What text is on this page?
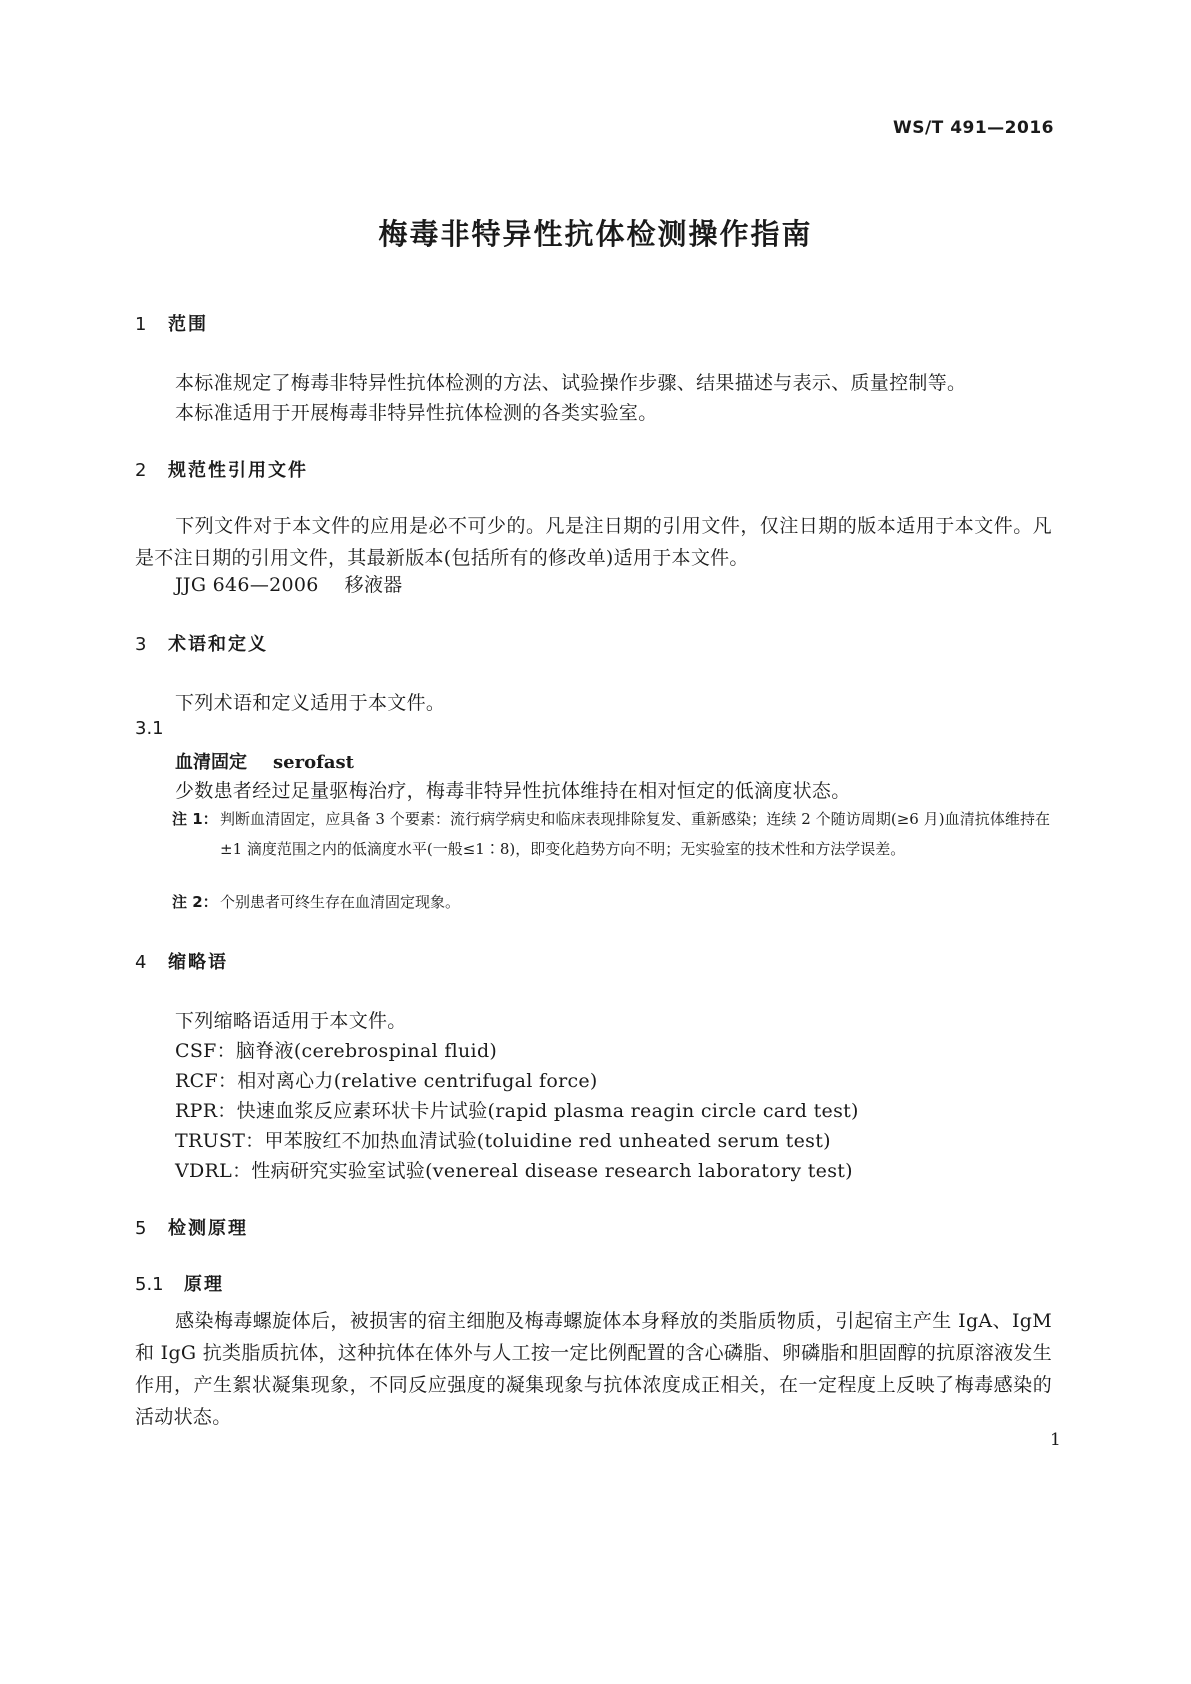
WS/T 491—2016
梅毒非特异性抗体检测操作指南
1 范围
本标准规定了梅毒非特异性抗体检测的方法、试验操作步骤、结果描述与表示、质量控制等。
本标准适用于开展梅毒非特异性抗体检测的各类实验室。
2 规范性引用文件
下列文件对于本文件的应用是必不可少的。凡是注日期的引用文件，仅注日期的版本适用于本文件。凡是不注日期的引用文件，其最新版本(包括所有的修改单)适用于本文件。
JJG 646—2006 移液器
3 术语和定义
下列术语和定义适用于本文件。
3.1
血清固定 serofast
少数患者经过足量驱梅治疗，梅毒非特异性抗体维持在相对恒定的低滴度状态。
注 1： 判断血清固定，应具备 3 个要素：流行病学病史和临床表现排除复发、重新感染；连续 2 个随访周期(≥6 月)血清抗体维持在±1 滴度范围之内的低滴度水平(一般≤1∶8)，即变化趋势方向不明；无实验室的技术性和方法学误差。
注 2： 个别患者可终生存在血清固定现象。
4 缩略语
下列缩略语适用于本文件。
CSF：脑脊液(cerebrospinal fluid)
RCF：相对离心力(relative centrifugal force)
RPR：快速血浆反应素环状卡片试验(rapid plasma reagin circle card test)
TRUST：甲苯胺红不加热血清试验(toluidine red unheated serum test)
VDRL：性病研究实验室试验(venereal disease research laboratory test)
5 检测原理
5.1 原理
感染梅毒螺旋体后，被损害的宿主细胞及梅毒螺旋体本身释放的类脂质物质，引起宿主产生 IgA、IgM 和 IgG 抗类脂质抗体，这种抗体在体外与人工按一定比例配置的含心磷脂、卵磷脂和胆固醇的抗原溶液发生作用，产生絮状凝集现象，不同反应强度的凝集现象与抗体浓度成正相关，在一定程度上反映了梅毒感染的活动状态。
1
